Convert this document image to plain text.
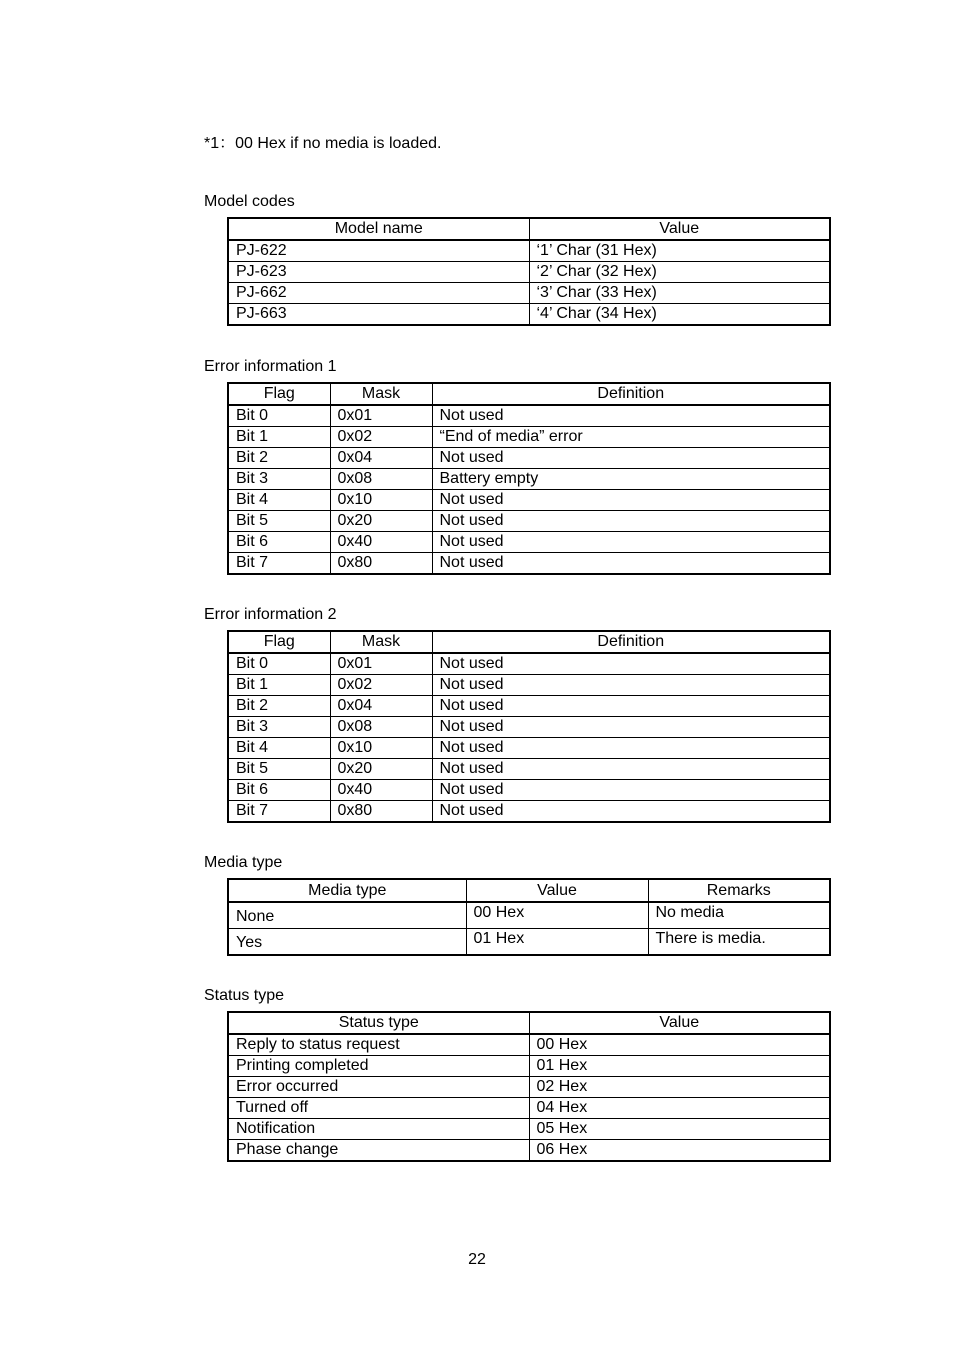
*1：00 Hex if no media is loaded.
Model codes
Model name	Value
PJ-622	‘1’ Char (31 Hex)
PJ-623	‘2’ Char (32 Hex)
PJ-662	‘3’ Char (33 Hex)
PJ-663	‘4’ Char (34 Hex)
Error information 1
Flag	Mask	Definition
Bit 0	0x01	Not used
Bit 1	0x02	“End of media” error
Bit 2	0x04	Not used
Bit 3	0x08	Battery empty
Bit 4	0x10	Not used
Bit 5	0x20	Not used
Bit 6	0x40	Not used
Bit 7	0x80	Not used
Error information 2
Flag	Mask	Definition
Bit 0	0x01	Not used
Bit 1	0x02	Not used
Bit 2	0x04	Not used
Bit 3	0x08	Not used
Bit 4	0x10	Not used
Bit 5	0x20	Not used
Bit 6	0x40	Not used
Bit 7	0x80	Not used
Media type
Media type	Value	Remarks
None	00 Hex	No media
Yes	01 Hex	There is media.
Status type
Status type	Value
Reply to status request	00 Hex
Printing completed	01 Hex
Error occurred	02 Hex
Turned off	04 Hex
Notification	05 Hex
Phase change	06 Hex
22
